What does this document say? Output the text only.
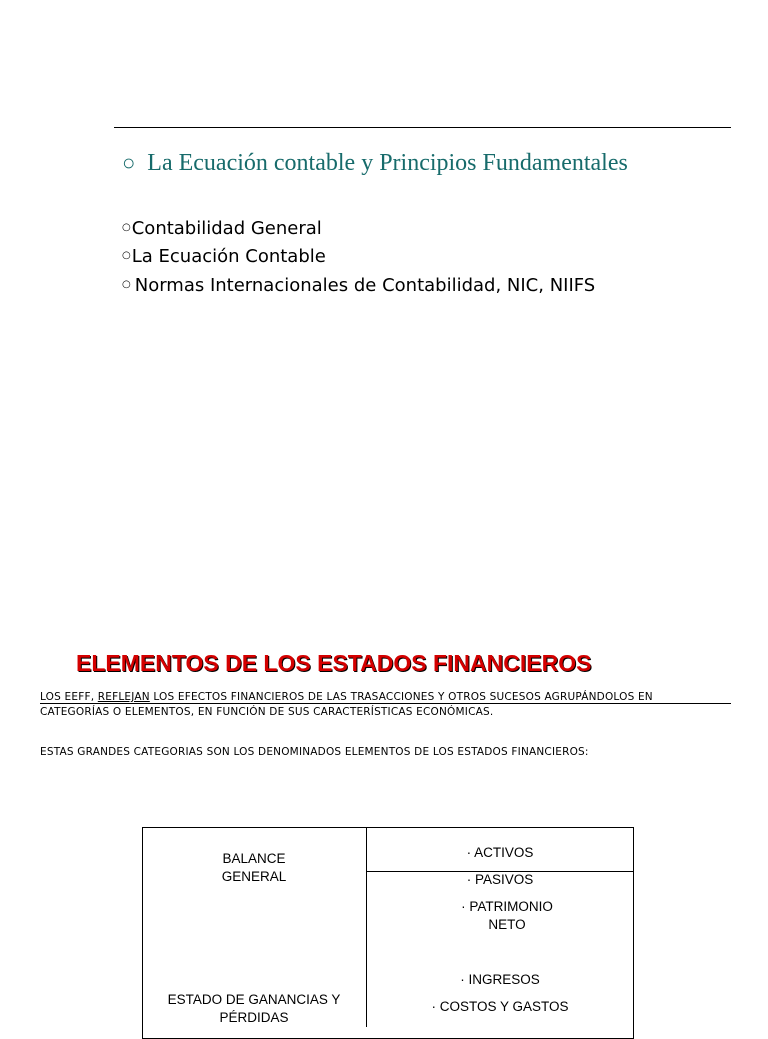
○ La Ecuación contable y Principios Fundamentales
○Contabilidad General
○La Ecuación Contable
○ Normas Internacionales de Contabilidad, NIC, NIIFS
ELEMENTOS DE LOS ESTADOS FINANCIEROS
LOS EEFF, REFLEJAN LOS EFECTOS FINANCIEROS DE LAS TRASACCIONES Y OTROS SUCESOS AGRUPÁNDOLOS EN CATEGORÍAS O ELEMENTOS, EN FUNCIÓN DE SUS CARACTERÍSTICAS ECONÓMICAS.
ESTAS GRANDES CATEGORIAS SON LOS DENOMINADOS ELEMENTOS DE LOS ESTADOS FINANCIEROS:
BALANCE GENERAL
· ACTIVOS
· PASIVOS
· PATRIMONIO NETO
· INGRESOS
ESTADO DE GANANCIAS Y PÉRDIDAS
· COSTOS Y GASTOS
